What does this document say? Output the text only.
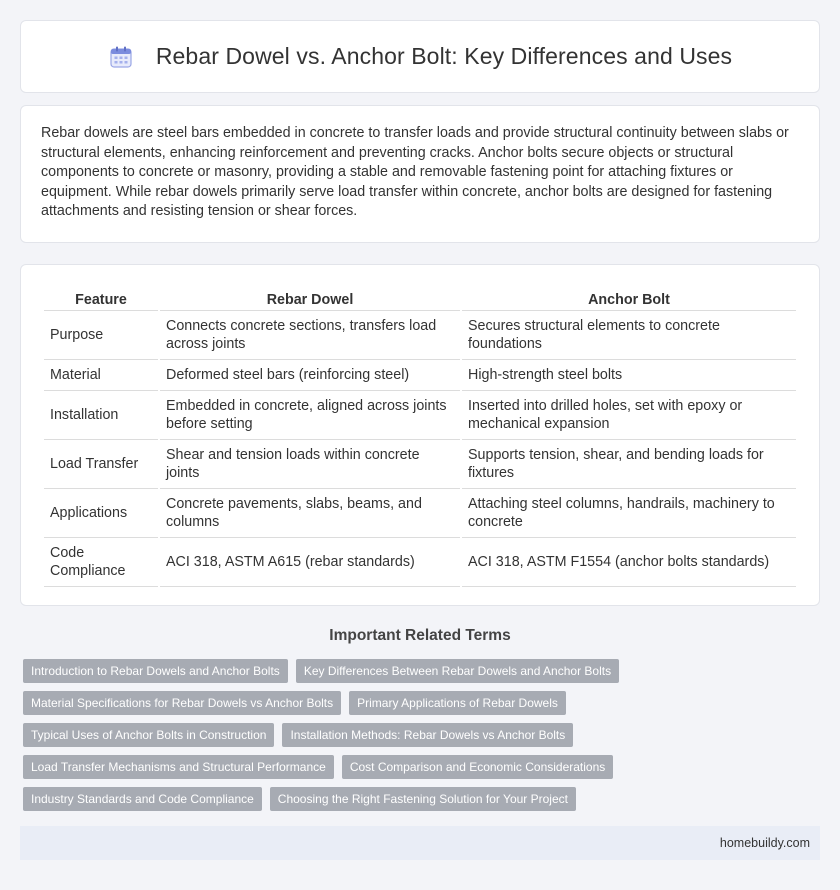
Rebar Dowel vs. Anchor Bolt: Key Differences and Uses

Rebar dowels are steel bars embedded in concrete to transfer loads and provide structural continuity between slabs or structural elements, enhancing reinforcement and preventing cracks. Anchor bolts secure objects or structural components to concrete or masonry, providing a stable and removable fastening point for attaching fixtures or equipment. While rebar dowels primarily serve load transfer within concrete, anchor bolts are designed for fastening attachments and resisting tension or shear forces.

Feature	Rebar Dowel	Anchor Bolt
Purpose	Connects concrete sections, transfers load across joints	Secures structural elements to concrete foundations
Material	Deformed steel bars (reinforcing steel)	High-strength steel bolts
Installation	Embedded in concrete, aligned across joints before setting	Inserted into drilled holes, set with epoxy or mechanical expansion
Load Transfer	Shear and tension loads within concrete joints	Supports tension, shear, and bending loads for fixtures
Applications	Concrete pavements, slabs, beams, and columns	Attaching steel columns, handrails, machinery to concrete
Code Compliance	ACI 318, ASTM A615 (rebar standards)	ACI 318, ASTM F1554 (anchor bolts standards)
Important Related Terms
Introduction to Rebar Dowels and Anchor Bolts	Key Differences Between Rebar Dowels and Anchor Bolts
Material Specifications for Rebar Dowels vs Anchor Bolts	Primary Applications of Rebar Dowels
Typical Uses of Anchor Bolts in Construction	Installation Methods: Rebar Dowels vs Anchor Bolts
Load Transfer Mechanisms and Structural Performance	Cost Comparison and Economic Considerations
Industry Standards and Code Compliance	Choosing the Right Fastening Solution for Your Project
homebuildy.com
